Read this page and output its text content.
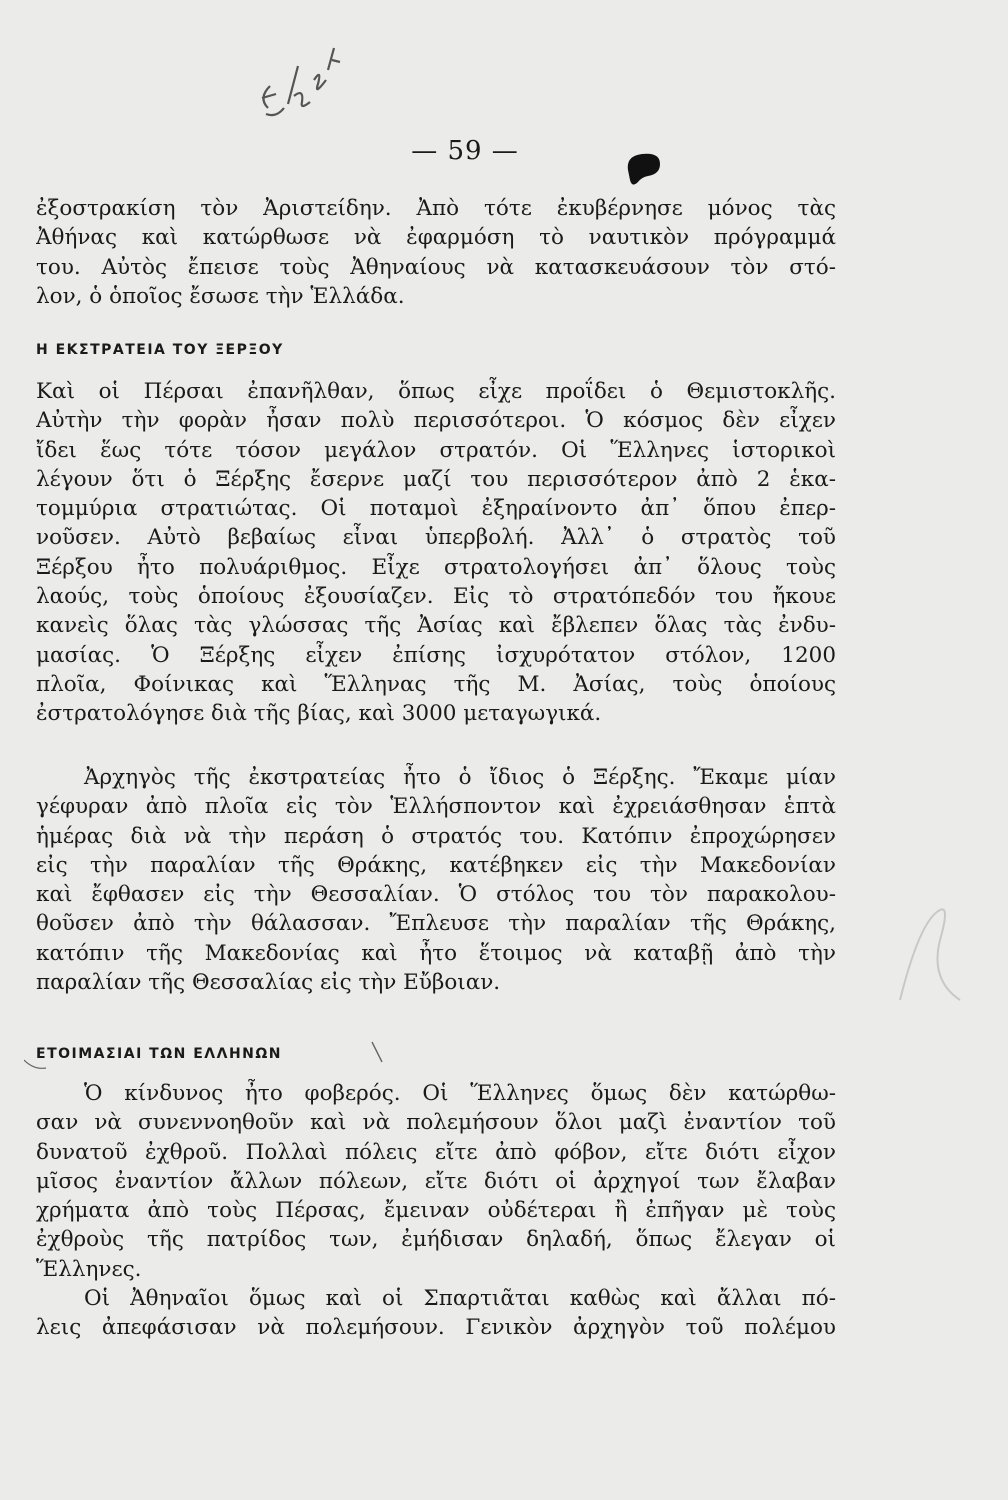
— 59 —
ἐξοστρακίση τὸν Ἀριστείδην. Ἀπὸ τότε ἐκυβέρνησε μόνος τὰς
Ἀθήνας καὶ κατώρθωσε νὰ ἐφαρμόση τὸ ναυτικὸν πρόγραμμά
του. Αὐτὸς ἔπεισε τοὺς Ἀθηναίους νὰ κατασκευάσουν τὸν στό-
λον, ὁ ὁποῖος ἔσωσε τὴν Ἑλλάδα.
Η ΕΚΣΤΡΑΤΕΙΑ ΤΟΥ ΞΕΡΞΟΥ
Καὶ οἱ Πέρσαι ἐπανῆλθαν, ὅπως εἶχε προΐδει ὁ Θεμιστοκλῆς.
Αὐτὴν τὴν φορὰν ἦσαν πολὺ περισσότεροι. Ὁ κόσμος δὲν εἶχεν
ἴδει ἕως τότε τόσον μεγάλον στρατόν. Οἱ Ἕλληνες ἱστορικοὶ
λέγουν ὅτι ὁ Ξέρξης ἔσερνε μαζί του περισσότερον ἀπὸ 2 ἑκα-
τομμύρια στρατιώτας. Οἱ ποταμοὶ ἐξηραίνοντο ἀπ᾽ ὅπου ἐπερ-
νοῦσεν. Αὐτὸ βεβαίως εἶναι ὑπερβολή. Ἀλλ᾽ ὁ στρατὸς τοῦ
Ξέρξου ἦτο πολυάριθμος. Εἶχε στρατολογήσει ἀπ᾽ ὅλους τοὺς
λαούς, τοὺς ὁποίους ἐξουσίαζεν. Εἰς τὸ στρατόπεδόν του ἤκουε
κανεὶς ὅλας τὰς γλώσσας τῆς Ἀσίας καὶ ἔβλεπεν ὅλας τὰς ἐνδυ-
μασίας. Ὁ Ξέρξης εἶχεν ἐπίσης ἰσχυρότατον στόλον, 1200
πλοῖα, Φοίνικας καὶ Ἕλληνας τῆς Μ. Ἀσίας, τοὺς ὁποίους
ἐστρατολόγησε διὰ τῆς βίας, καὶ 3000 μεταγωγικά.
Ἀρχηγὸς τῆς ἐκστρατείας ἦτο ὁ ἴδιος ὁ Ξέρξης. Ἔκαμε μίαν
γέφυραν ἀπὸ πλοῖα εἰς τὸν Ἑλλήσποντον καὶ ἐχρειάσθησαν ἑπτὰ
ἡμέρας διὰ νὰ τὴν περάση ὁ στρατός του. Κατόπιν ἐπροχώρησεν
εἰς τὴν παραλίαν τῆς Θράκης, κατέβηκεν εἰς τὴν Μακεδονίαν
καὶ ἔφθασεν εἰς τὴν Θεσσαλίαν. Ὁ στόλος του τὸν παρακολου-
θοῦσεν ἀπὸ τὴν θάλασσαν. Ἔπλευσε τὴν παραλίαν τῆς Θράκης,
κατόπιν τῆς Μακεδονίας καὶ ἦτο ἕτοιμος νὰ καταβῇ ἀπὸ τὴν
παραλίαν τῆς Θεσσαλίας εἰς τὴν Εὔβοιαν.
ΕΤΟΙΜΑΣΙΑΙ ΤΩΝ ΕΛΛΗΝΩΝ
Ὁ κίνδυνος ἦτο φοβερός. Οἱ Ἕλληνες ὅμως δὲν κατώρθω-
σαν νὰ συνεννοηθοῦν καὶ νὰ πολεμήσουν ὅλοι μαζὶ ἐναντίον τοῦ
δυνατοῦ ἐχθροῦ. Πολλαὶ πόλεις εἴτε ἀπὸ φόβον, εἴτε διότι εἶχον
μῖσος ἐναντίον ἄλλων πόλεων, εἴτε διότι οἱ ἀρχηγοί των ἔλαβαν
χρήματα ἀπὸ τοὺς Πέρσας, ἔμειναν οὐδέτεραι ἢ ἐπῆγαν μὲ τοὺς
ἐχθροὺς τῆς πατρίδος των, ἐμήδισαν δηλαδή, ὅπως ἔλεγαν οἱ
Ἕλληνες.
Οἱ Ἀθηναῖοι ὅμως καὶ οἱ Σπαρτιᾶται καθὼς καὶ ἄλλαι πό-
λεις ἀπεφάσισαν νὰ πολεμήσουν. Γενικὸν ἀρχηγὸν τοῦ πολέμου
